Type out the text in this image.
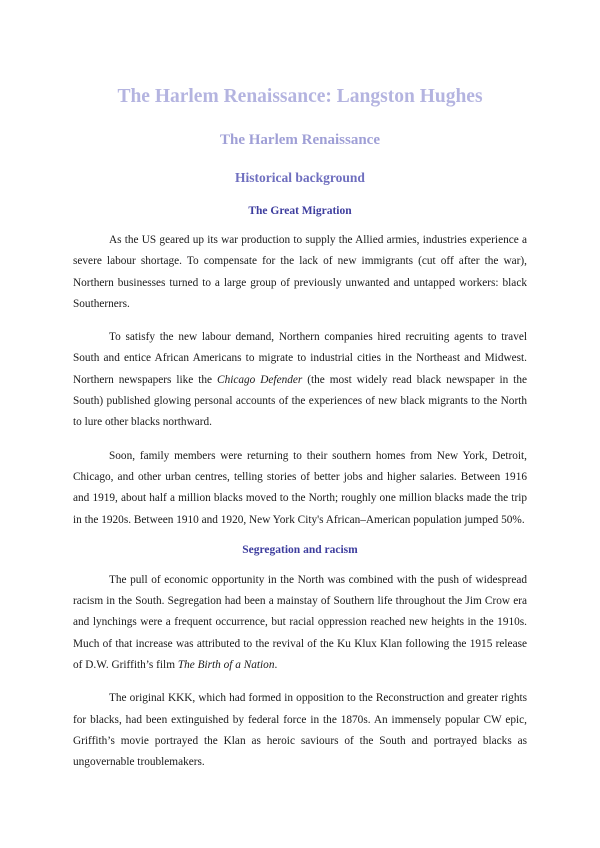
The Harlem Renaissance: Langston Hughes
The Harlem Renaissance
Historical background
The Great Migration

As the US geared up its war production to supply the Allied armies, industries experience a severe labour shortage. To compensate for the lack of new immigrants (cut off after the war), Northern businesses turned to a large group of previously unwanted and untapped workers: black Southerners.

To satisfy the new labour demand, Northern companies hired recruiting agents to travel South and entice African Americans to migrate to industrial cities in the Northeast and Midwest. Northern newspapers like the Chicago Defender (the most widely read black newspaper in the South) published glowing personal accounts of the experiences of new black migrants to the North to lure other blacks northward.

Soon, family members were returning to their southern homes from New York, Detroit, Chicago, and other urban centres, telling stories of better jobs and higher salaries. Between 1916 and 1919, about half a million blacks moved to the North; roughly one million blacks made the trip in the 1920s. Between 1910 and 1920, New York City's African–American population jumped 50%.

Segregation and racism

The pull of economic opportunity in the North was combined with the push of widespread racism in the South. Segregation had been a mainstay of Southern life throughout the Jim Crow era and lynchings were a frequent occurrence, but racial oppression reached new heights in the 1910s. Much of that increase was attributed to the revival of the Ku Klux Klan following the 1915 release of D.W. Griffith’s film The Birth of a Nation.

The original KKK, which had formed in opposition to the Reconstruction and greater rights for blacks, had been extinguished by federal force in the 1870s. An immensely popular CW epic, Griffith’s movie portrayed the Klan as heroic saviours of the South and portrayed blacks as ungovernable troublemakers.
